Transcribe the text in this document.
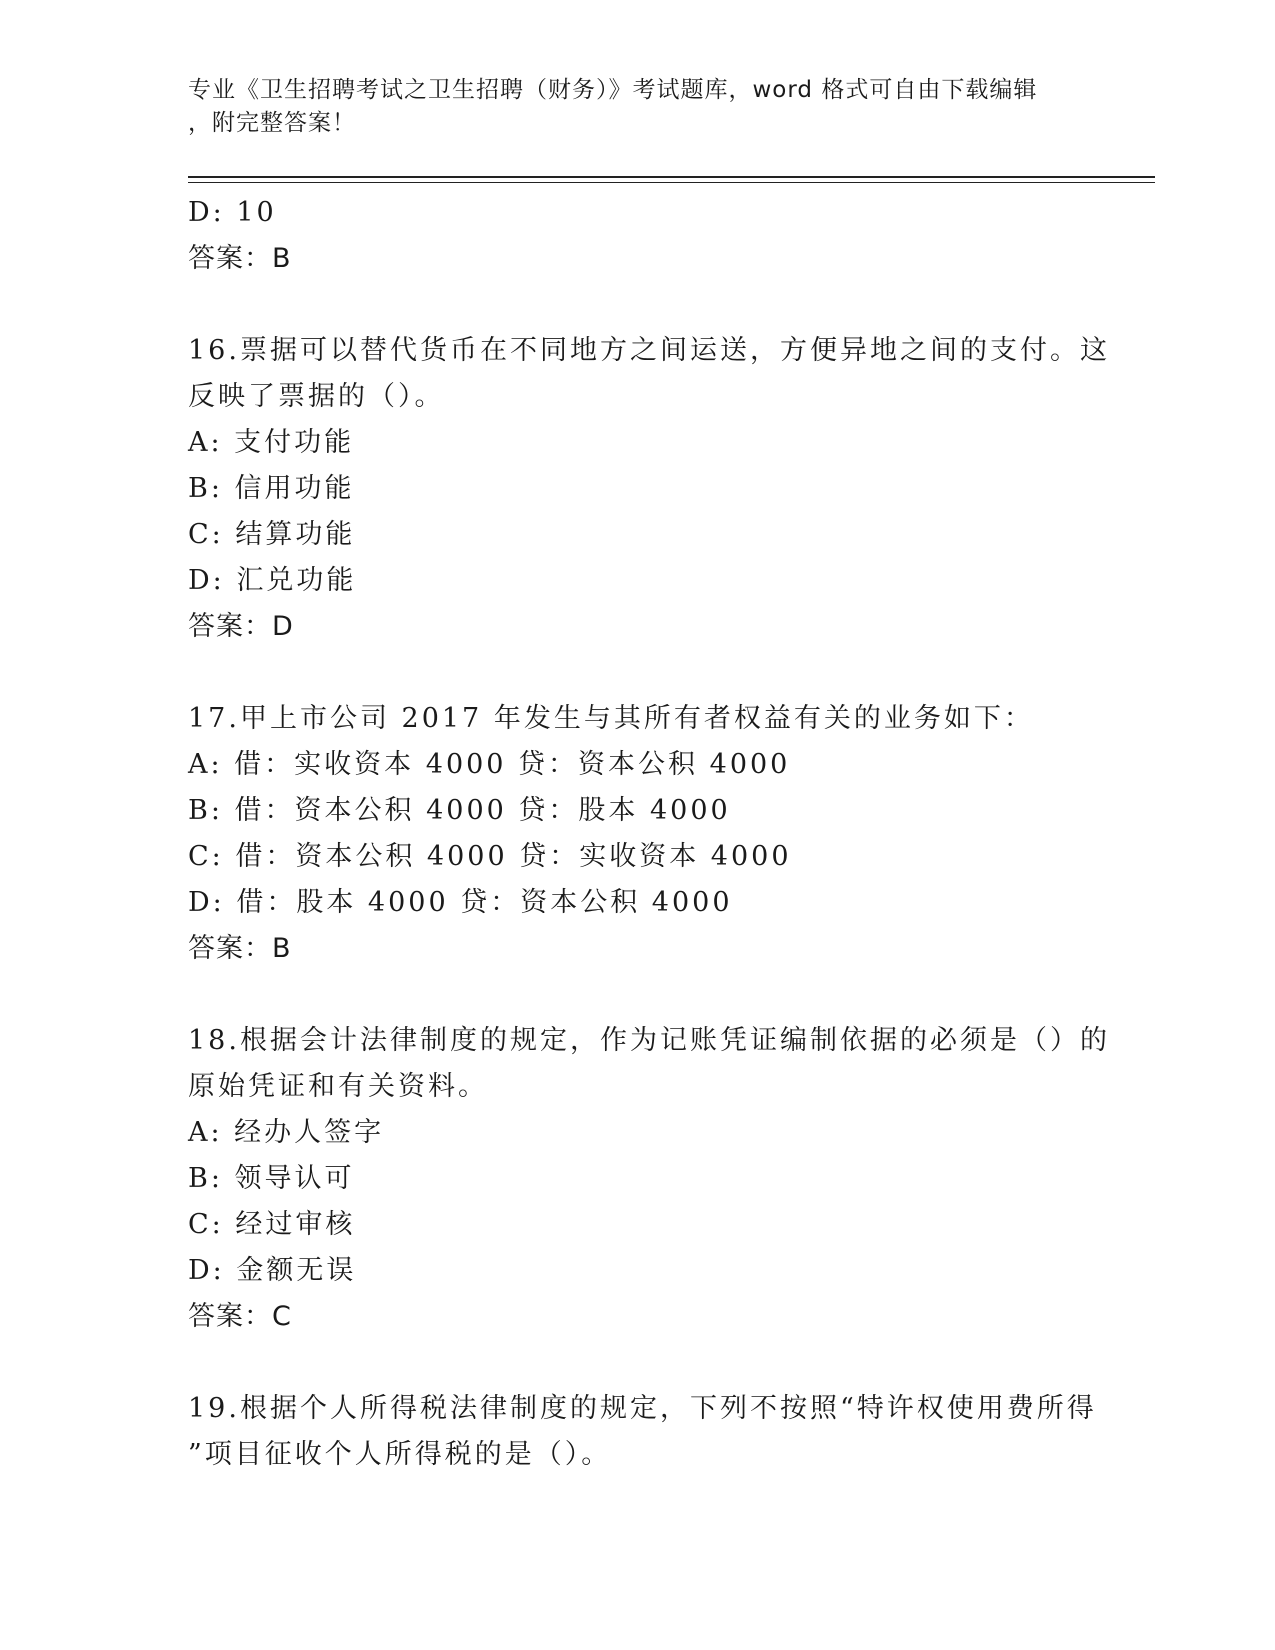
专业《卫生招聘考试之卫生招聘（财务）》考试题库，word 格式可自由下载编辑
，附完整答案！
D: 10
答案：B
16.票据可以替代货币在不同地方之间运送，方便异地之间的支付。这
反映了票据的（）。
A: 支付功能
B: 信用功能
C: 结算功能
D: 汇兑功能
答案：D
17.甲上市公司 2017 年发生与其所有者权益有关的业务如下：
A: 借：实收资本 4000 贷：资本公积 4000
B: 借：资本公积 4000 贷：股本 4000
C: 借：资本公积 4000 贷：实收资本 4000
D: 借：股本 4000 贷：资本公积 4000
答案：B
18.根据会计法律制度的规定，作为记账凭证编制依据的必须是（）的
原始凭证和有关资料。
A: 经办人签字
B: 领导认可
C: 经过审核
D: 金额无误
答案：C
19.根据个人所得税法律制度的规定，下列不按照“特许权使用费所得
”项目征收个人所得税的是（）。
